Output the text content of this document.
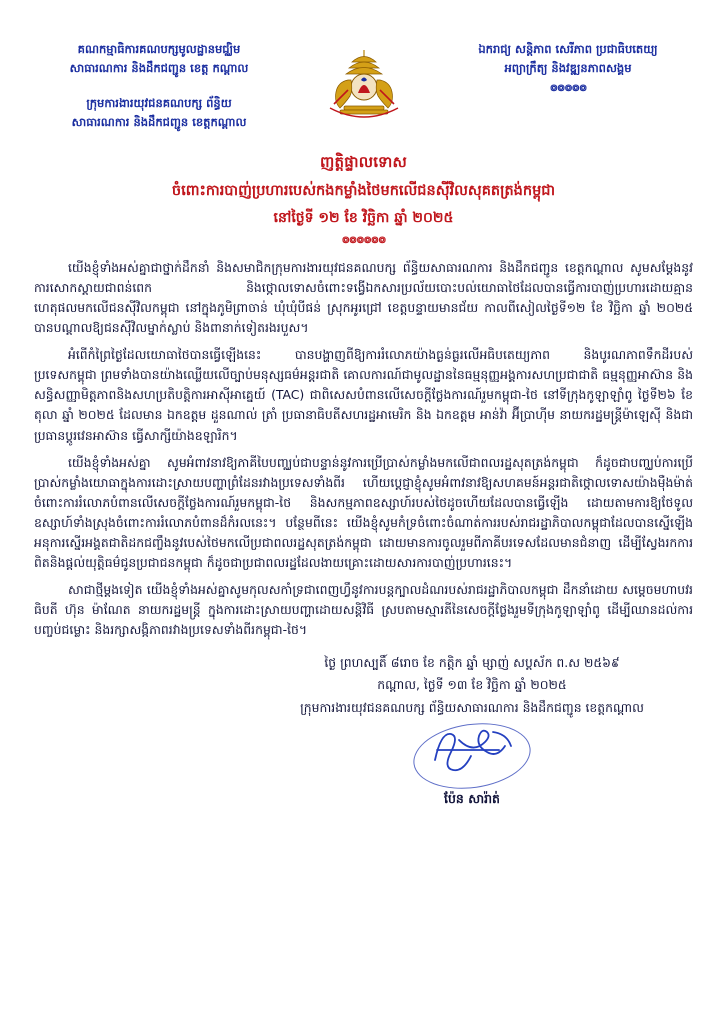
គណកម្មាធិការគណបក្សមូលដ្ឋានមជ្ឈិម
សាធារណការ និងដឹកជញ្ជូន ខេត្ត កណ្តាល
ក្រុមការងារយុវជនគណបក្ស ព័ន្ធិយ
សាធារណការ និងដឹកជញ្ជូន ខេត្តកណ្តាល
ឯករាជ្យ សន្តិភាព សេរីភាព ប្រជាធិបតេយ្យ
អព្យាក្រឹត្យ និងវឌ្ឍនភាពសង្គម
៙៙៙៙៙
ញត្តិផ្ទាលទោស
ចំពោះការបាញ់ប្រហារបេស់កងកម្លាំងថៃមកលើជនស៊ីវិលសុគតត្រង់កម្ពុជា
នៅថ្ងៃទី ១២ ខែ វិច្ឆិកា ឆ្នាំ ២០២៥
៙៙៙៙៙៙

យើងខ្ញុំទាំងអស់គ្នាជាថ្នាក់ដឹកនាំ និងសមាជិកក្រុមការងារយុវជនគណបក្ស ព័ន្ធិយសាធារណការ និងដឹកជញ្ជូន ខេត្តកណ្តាល សូមសម្តែងនូវការសោកស្តាយជាពន់ពេក និងថ្កោលទោសចំពោះទង្វើឯកសារប្រល័យបោះបល់យោធាថៃដែលបានធ្វើការបាញ់ប្រហារដោយគ្មានហេតុផលមកលើជនស៊ីវិលកម្ពុជា នៅក្នុងភូមិព្រាចាន់ ឃុំឃុំបីផន់ ស្រុកអូរជ្រៅ ខេត្តបន្ទាយមានជ័យ កាលពីសៀលថ្ងៃទី១២ ខែ វិច្ឆិកា ឆ្នាំ ២០២៥ បានបណ្តាលឱ្យជនស៊ីវិលម្នាក់ស្លាប់ និងពានាក់ទៀតរងរបួស។

អំពើកំព្រៃថ្ងៃដែលយោធាថៃបានធ្វើឡើងនេះ បានបង្ហាញពីឱ្យការរំលោភយ៉ាងធ្ងន់ធ្ងរលើអធិបតេយ្យភាព និងបូរណភាពទឹកដីរបស់ប្រទេសកម្ពុជា ព្រមទាំងបានយ៉ាងឈ្លើយលើច្បាប់មនុស្សធម៌អន្តរជាតិ គោលការណ៍ជាមូលដ្ឋាននៃធម្មនុញ្ញអង្គការសហប្រជាជាតិ ធម្មនុញ្ញអាស៊ាន និងសន្ធិសញ្ញាមិត្តភាពនិងសហប្រតិបត្តិការអាស៊ីអាគ្នេយ៍ (TAC) ជាពិសេសបំពានលើសេចក្តីថ្លែងការណ៍រួមកម្ពុជា-ថៃ នៅទីក្រុងកូឡាឡាំពូ ថ្ងៃទី២៦ ខែតុលា ឆ្នាំ ២០២៥ ដែលមាន ឯកឧត្តម ​ដួនណាល់ ត្រាំ ប្រធានាធិបតីសហរដ្ឋអាមេរិក និង ឯកឧត្តម អាន់វ៉ា អ៊ីប្រាហ៊ីម នាយករដ្ឋមន្ត្រីម៉ាឡេស៊ី និងជាប្រធានប្តូរវេនអាស៊ាន ធ្វើសាក្សីយ៉ាងឧឡារិក។

យើងខ្ញុំទាំងអស់គ្នា សូមអំពាវនាវឱ្យភាគីបៃបញ្ឈប់ជាបន្ទាន់នូវការប្រើប្រាស់កម្លាំងមកលើជាពលរដ្ឋសុតត្រង់កម្ពុជា ក៏ដូចជាបញ្ឈប់ការប្រើប្រាស់កម្លាំងយោធាក្នុងការដោះស្រាយបញ្ហាព្រំដែនរវាងប្រទេសទាំងពីរ ហើយប្តេជ្ញាខ្ញុំសូមអំពាវនាវឱ្យសហគមន៍អន្តរជាតិថ្កោលទោសយ៉ាងម៉ឺងម៉ាត់ចំពោះការរំលោភបំពានលើសេចក្តីថ្លែងការណ៍រួមកម្ពុជា-ថៃ និងសកម្មភាពឧស្សាហ៍របស់ថៃដូចហើយដែលបានធ្វើឡើង ដោយតាមការឱ្យថែទូលឧស្សាហ៍ទាំងស្រុងចំពោះការរំលោភបំពានដ៏កំរលនេះ។ បន្ថែមពីនេះ យើងខ្ញុំសូមកំទ្រចំពោះចំណាត់ការរបស់រាជរដ្ឋាភិបាលកម្ពុជាដែលបានស្នើឡើងអនុការស្នើរអង្គតជាតិដកជញ្ចឹងនូវបេស់ថៃមកលើប្រជាពលរដ្ឋសុតត្រង់កម្ពុជា ដោយមានការចូលរួមពីភាគីបរទេសដែលមានជំនាញ ដើម្បីស្វែងរកការពិតនិងផ្តល់យុត្តិធម៌ជូនប្រជាជនកម្ពុជា ក៏ដូចជាប្រជាពលរដ្ឋដែលងាយគ្រោះដោយសារការបាញ់ប្រហារនេះ។

សាជាថ្មីម្តងទៀត យើងខ្ញុំទាំងអស់គ្នាសូមកុលសកាំទ្រជាពេញហ្វឹនូវការបន្តក្បាលដំណរបស់រាជរដ្ឋាភិបាលកម្ពុជា ដឹកនាំដោយ សម្តេចមហាបវរធិបតី ហ៊ុន ម៉ាណែត នាយករដ្ឋមន្ត្រី ក្នុងការដោះស្រាយបញ្ហាដោយសន្តិវិធី ស្របតាមស្មារតីនៃសេចក្តីថ្លែងរួមទីក្រុងកូឡាឡាំពូ ដើម្បីឈានដល់ការបញ្ចប់ជម្លោះ និងរក្សាសង្កិភាពរវាងប្រទេសទាំងពីរកម្ពុជា-ថៃ។

ថ្ងៃ ព្រហស្បតិ៍ ៨រោច ខែ កត្តិក ឆ្នាំ ម្សាញ់ សប្តស័ក ព.ស ២៥៦៩
កណ្តាល, ថ្ងៃទី ១៣ ខែ វិច្ឆិកា ឆ្នាំ ២០២៥
ក្រុមការងារយុវជនគណបក្ស ព័ន្ធិយសាធារណការ និងដឹកជញ្ជូន ខេត្តកណ្តាល
ប៉ែន សារ៉ាត់
